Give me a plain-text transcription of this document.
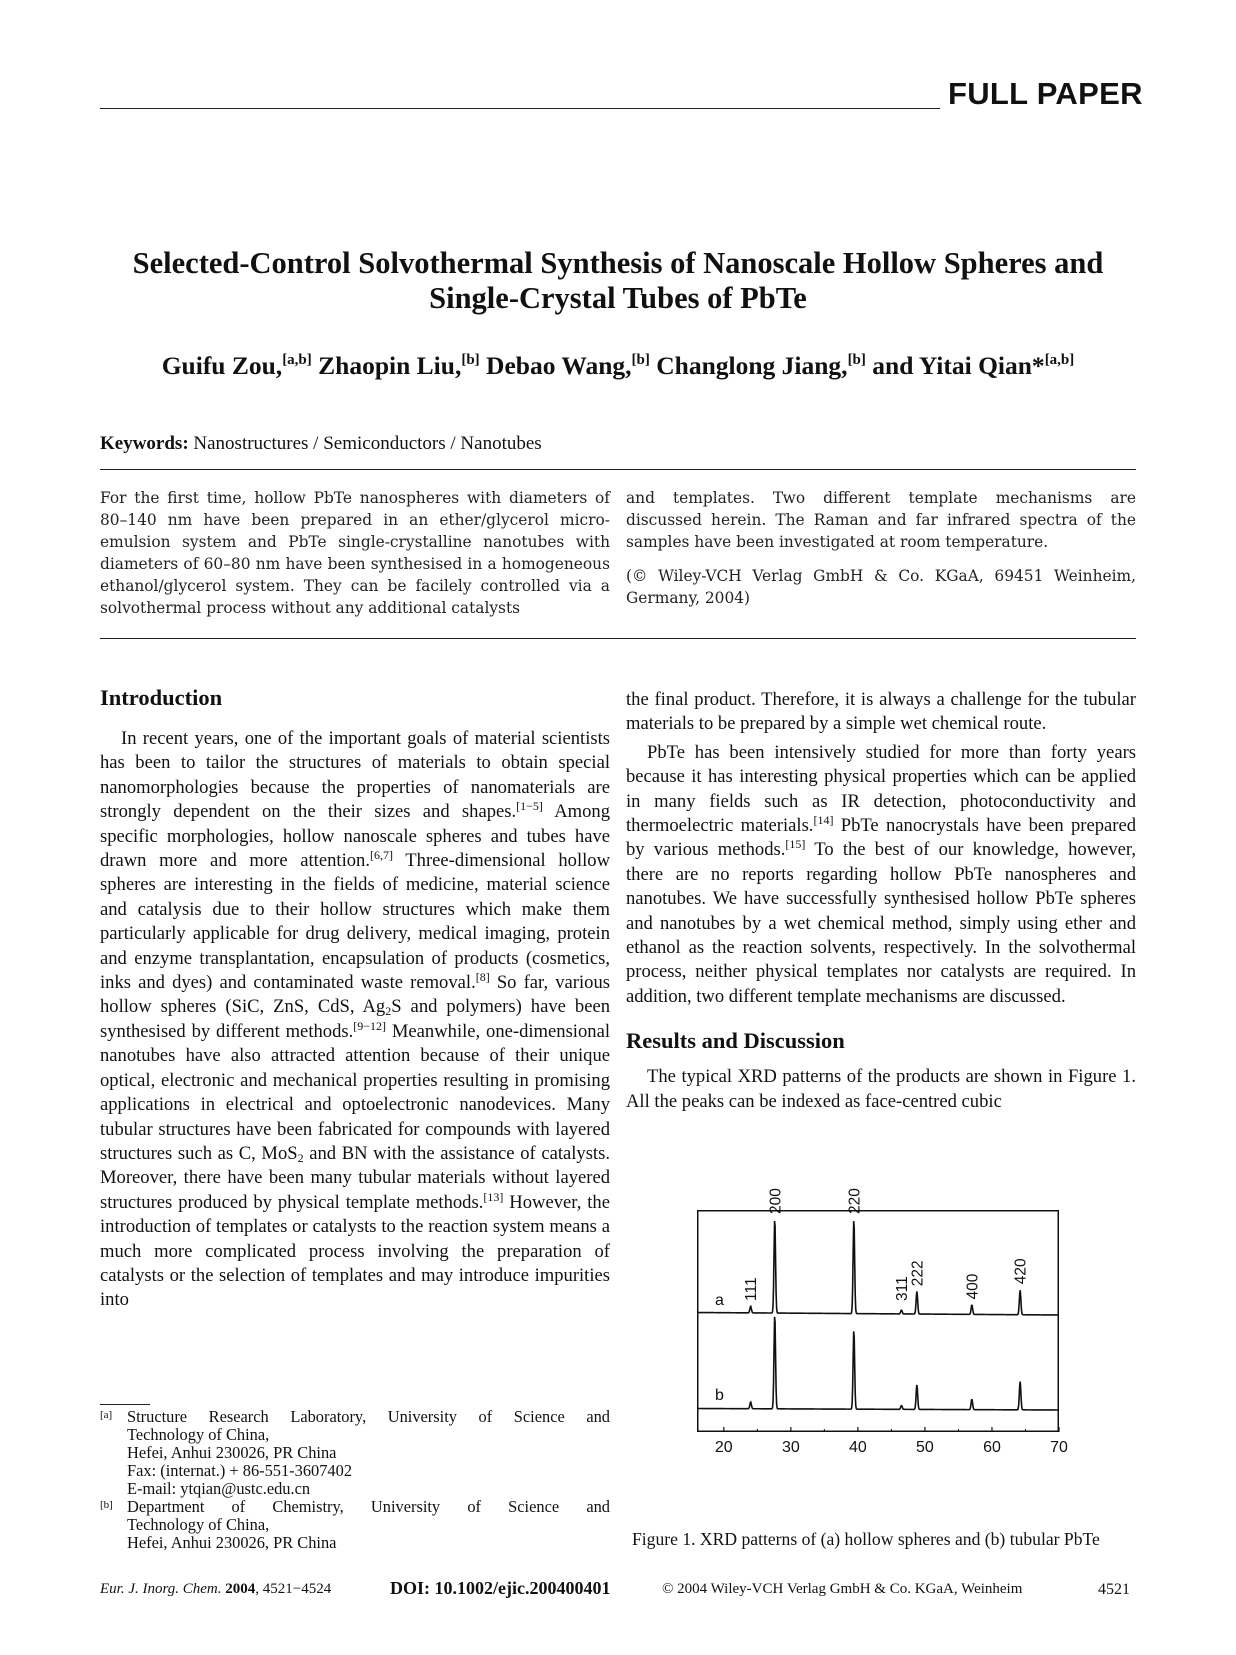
FULL PAPER
Selected-Control Solvothermal Synthesis of Nanoscale Hollow Spheres and
Single-Crystal Tubes of PbTe
Guifu Zou,[a,b] Zhaopin Liu,[b] Debao Wang,[b] Changlong Jiang,[b] and Yitai Qian*[a,b]
Keywords: Nanostructures / Semiconductors / Nanotubes

For the first time, hollow PbTe nanospheres with diameters of 80–140 nm have been prepared in an ether/glycerol micro-emulsion system and PbTe single-crystalline nanotubes with diameters of 60–80 nm have been synthesised in a homogeneous ethanol/glycerol system. They can be facilely controlled via a solvothermal process without any additional catalysts

and templates. Two different template mechanisms are discussed herein. The Raman and far infrared spectra of the samples have been investigated at room temperature.

(© Wiley-VCH Verlag GmbH & Co. KGaA, 69451 Weinheim, Germany, 2004)

Introduction

In recent years, one of the important goals of material scientists has been to tailor the structures of materials to obtain special nanomorphologies because the properties of nanomaterials are strongly dependent on the their sizes and shapes.[1−5] Among specific morphologies, hollow nanoscale spheres and tubes have drawn more and more attention.[6,7] Three-dimensional hollow spheres are interesting in the fields of medicine, material science and catalysis due to their hollow structures which make them particularly applicable for drug delivery, medical imaging, protein and enzyme transplantation, encapsulation of products (cosmetics, inks and dyes) and contaminated waste removal.[8] So far, various hollow spheres (SiC, ZnS, CdS, $Ag_2S$ and polymers) have been synthesised by different methods.[9−12] Meanwhile, one-dimensional nanotubes have also attracted attention because of their unique optical, electronic and mechanical properties resulting in promising applications in electrical and optoelectronic nanodevices. Many tubular structures have been fabricated for compounds with layered structures such as C, MoS$_2$ and BN with the assistance of catalysts. Moreover, there have been many tubular materials without layered structures produced by physical template methods.[13] However, the introduction of templates or catalysts to the reaction system means a much more complicated process involving the preparation of catalysts or the selection of templates and may introduce impurities into

the final product. Therefore, it is always a challenge for the tubular materials to be prepared by a simple wet chemical route.

PbTe has been intensively studied for more than forty years because it has interesting physical properties which can be applied in many fields such as IR detection, photoconductivity and thermoelectric materials.[14] PbTe nanocrystals have been prepared by various methods.[15] To the best of our knowledge, however, there are no reports regarding hollow PbTe nanospheres and nanotubes. We have successfully synthesised hollow PbTe spheres and nanotubes by a wet chemical method, simply using ether and ethanol as the reaction solvents, respectively. In the solvothermal process, neither physical templates nor catalysts are required. In addition, two different template mechanisms are discussed.

Results and Discussion

The typical XRD patterns of the products are shown in Figure 1. All the peaks can be indexed as face-centred cubic

[a] Structure Research Laboratory, University of Science and
Technology of China,
Hefei, Anhui 230026, PR China
Fax: (internat.) + 86-551-3607402
E-mail: ytqian@ustc.edu.cn
[b] Department of Chemistry, University of Science and
Technology of China,
Hefei, Anhui 230026, PR China
a 111
200	220
311
222
400
420
b
20	30	40	50	60	70
Figure 1. XRD patterns of (a) hollow spheres and (b) tubular PbTe
Eur. J. Inorg. Chem. 2004, 4521−4524	DOI: 10.1002/ejic.200400401	© 2004 Wiley-VCH Verlag GmbH & Co. KGaA, Weinheim	4521
